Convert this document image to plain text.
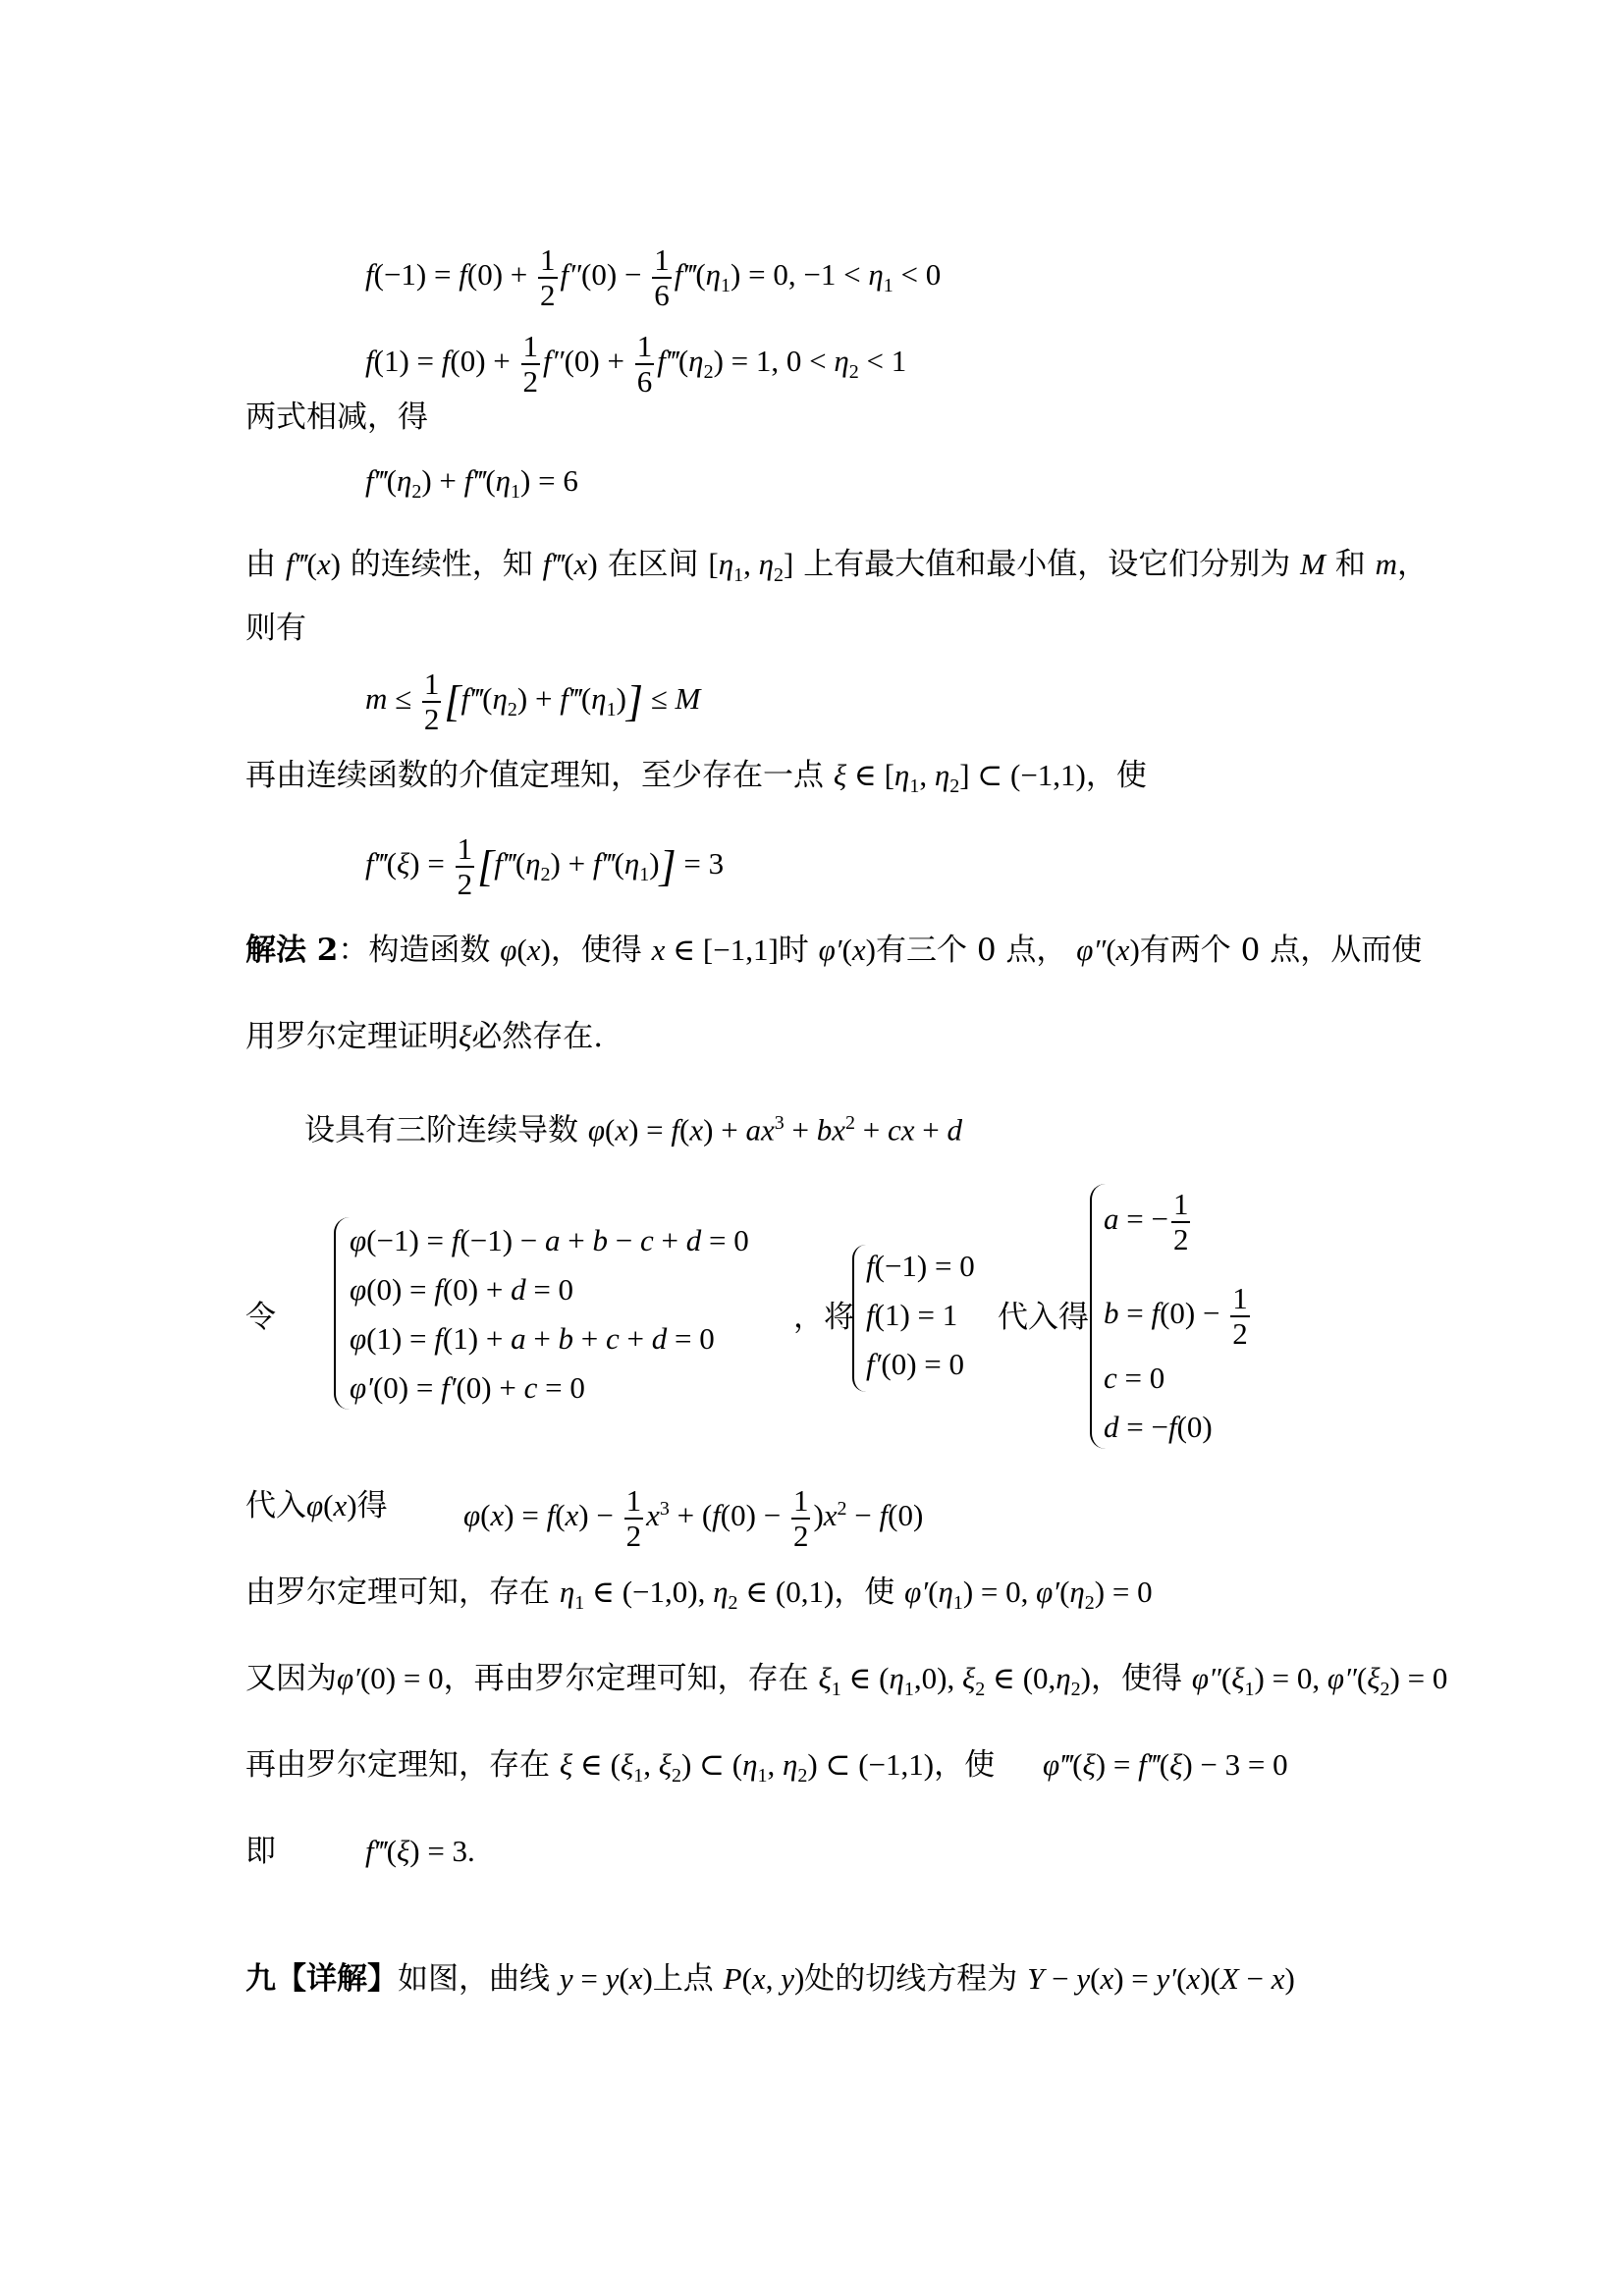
$f(-1) = f(0) + \frac{1}{2} f''(0) - \frac{1}{6}$ $f‴(\eta_1) = 0$, $-1 < \eta_1 < 0$
$f(1) = f(0) + \frac{1}{2} f''(0) + \frac{1}{6}$ $f‴(\eta_2) = 1$, $0 < \eta_2 < 1$
两式相减，得
$f‴(\eta_2)$ + $f‴(\eta_1) = 6$
由 f‴(x) 的连续性，知 f‴(x) 在区间 [$\eta_1$, $\eta_2$] 上有最大值和最小值，设它们分别为 M 和 m，
则有
$m \le \frac{1}{2}$ [$f‴(\eta_2)$ + $f‴(\eta_1)] \le M$
再由连续函数的介值定理知，至少存在一点 ξ ∈ [$\eta_1$, $\eta_2$] ⊂ (−1,1)，使
f‴(ξ) = $\frac{1}{2}$ [$f‴(\eta_2)$ + $f‴(\eta_1)] = 3$
解法 2：构造函数 φ(x)，使得 x ∈ [−1,1]时 φ′(x)有三个 0 点， φ″(x)有两个 0 点，从而使
用罗尔定理证明ξ必然存在.
设具有三阶连续导数 $\varphi(x) = f(x) + ax^3 + bx^2$ + cx + d
令
φ(−1) = f(−1) − a + b − c + d = 0
φ(0) = f(0) + d = 0
φ(1) = f(1) + a + b + c + d = 0
φ′(0) = f′(0) + c = 0
，将
f(−1) = 0
f(1) = 1
f′(0) = 0
代入得
a = − $\frac{1}{2}$
$b = f(0) - \frac{1}{2}$
c = 0
d = −f(0)
代入φ(x)得 $\varphi(x) = f(x) - \frac{1}{2} x^3 + (f(0) - \frac{1}{2} )x^2 - f(0)$
由罗尔定理可知，存在 $\eta_1$ ∈ (−1,0), $\eta_2$ ∈ (0,1)，使 $\varphi'(\eta_1) = 0$, $\varphi'(\eta_2) = 0$
又因为φ′(0) = 0，再由罗尔定理可知，存在 $\xi_1$ ∈ $(\eta_1,0)$, $\xi_2$ ∈ $(0,\eta_2)$，使得 $\varphi''(\xi_1) = 0$, $\varphi''(\xi_2) = 0$
再由罗尔定理知，存在 ξ ∈ ($\xi_1$, $\xi_2$) ⊂ ($\eta_1$, $\eta_2$) ⊂ (−1,1)，使 φ‴(ξ) = f‴(ξ) − 3 = 0
即	f‴(ξ) = 3.
九【详解】如图，曲线 y = y(x)上点 P(x, y)处的切线方程为 Y − y(x) = y′(x)(X − x)
